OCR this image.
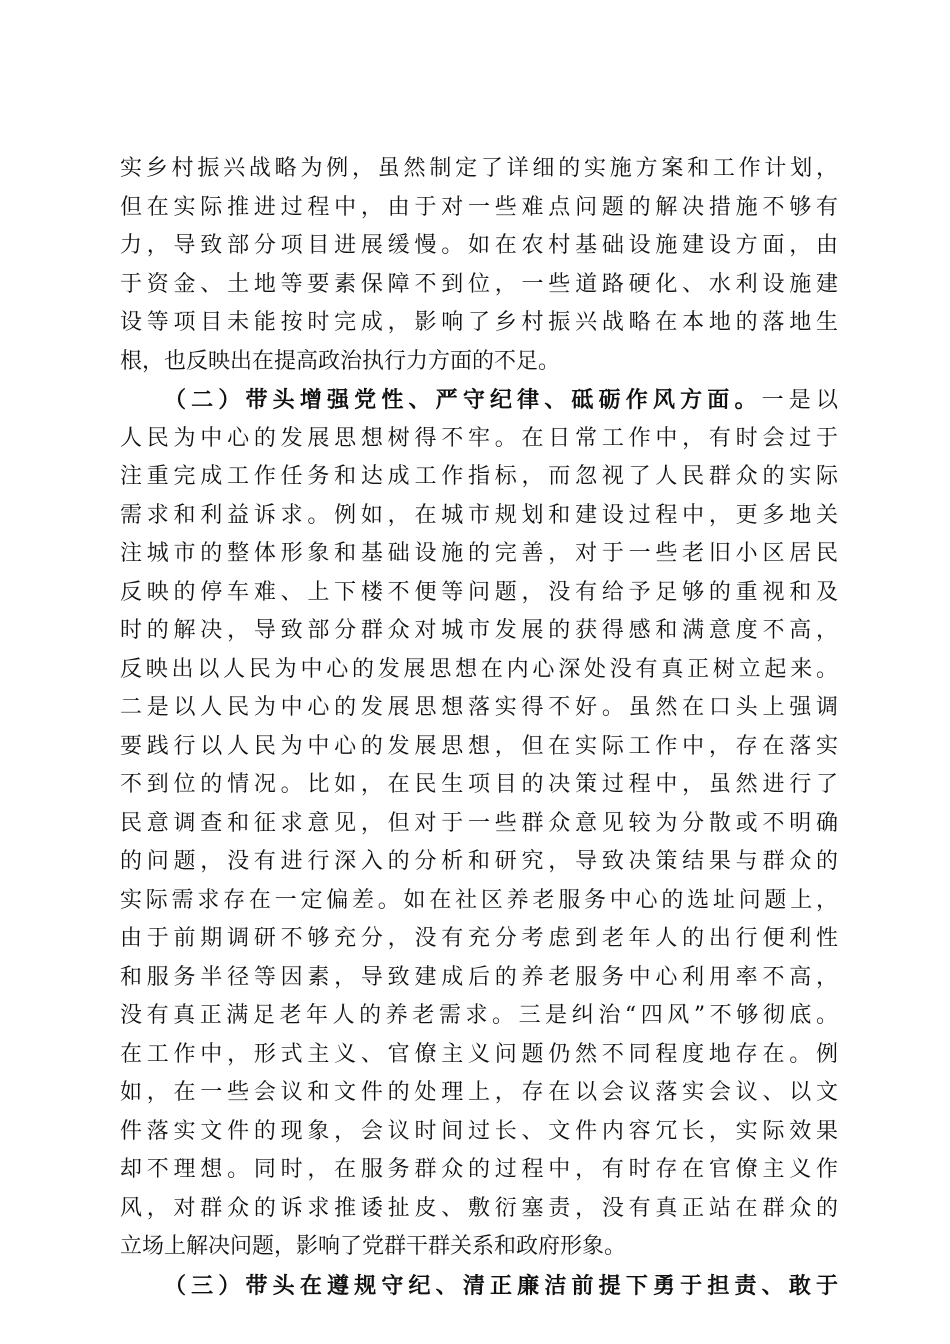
实乡村振兴战略为例，虽然制定了详细的实施方案和工作计划，
但在实际推进过程中，由于对一些难点问题的解决措施不够有
力，导致部分项目进展缓慢。如在农村基础设施建设方面，由
于资金、土地等要素保障不到位，一些道路硬化、水利设施建
设等项目未能按时完成，影响了乡村振兴战略在本地的落地生
根，也反映出在提高政治执行力方面的不足。
（二）带头增强党性、严守纪律、砥砺作风方面。一是以
人民为中心的发展思想树得不牢。在日常工作中，有时会过于
注重完成工作任务和达成工作指标，而忽视了人民群众的实际
需求和利益诉求。例如，在城市规划和建设过程中，更多地关
注城市的整体形象和基础设施的完善，对于一些老旧小区居民
反映的停车难、上下楼不便等问题，没有给予足够的重视和及
时的解决，导致部分群众对城市发展的获得感和满意度不高，
反映出以人民为中心的发展思想在内心深处没有真正树立起来。
二是以人民为中心的发展思想落实得不好。虽然在口头上强调
要践行以人民为中心的发展思想，但在实际工作中，存在落实
不到位的情况。比如，在民生项目的决策过程中，虽然进行了
民意调查和征求意见，但对于一些群众意见较为分散或不明确
的问题，没有进行深入的分析和研究，导致决策结果与群众的
实际需求存在一定偏差。如在社区养老服务中心的选址问题上，
由于前期调研不够充分，没有充分考虑到老年人的出行便利性
和服务半径等因素，导致建成后的养老服务中心利用率不高，
没有真正满足老年人的养老需求。三是纠治“四风”不够彻底。
在工作中，形式主义、官僚主义问题仍然不同程度地存在。例
如，在一些会议和文件的处理上，存在以会议落实会议、以文
件落实文件的现象，会议时间过长、文件内容冗长，实际效果
却不理想。同时，在服务群众的过程中，有时存在官僚主义作
风，对群众的诉求推诿扯皮、敷衍塞责，没有真正站在群众的
立场上解决问题，影响了党群干群关系和政府形象。
（三）带头在遵规守纪、清正廉洁前提下勇于担责、敢于
